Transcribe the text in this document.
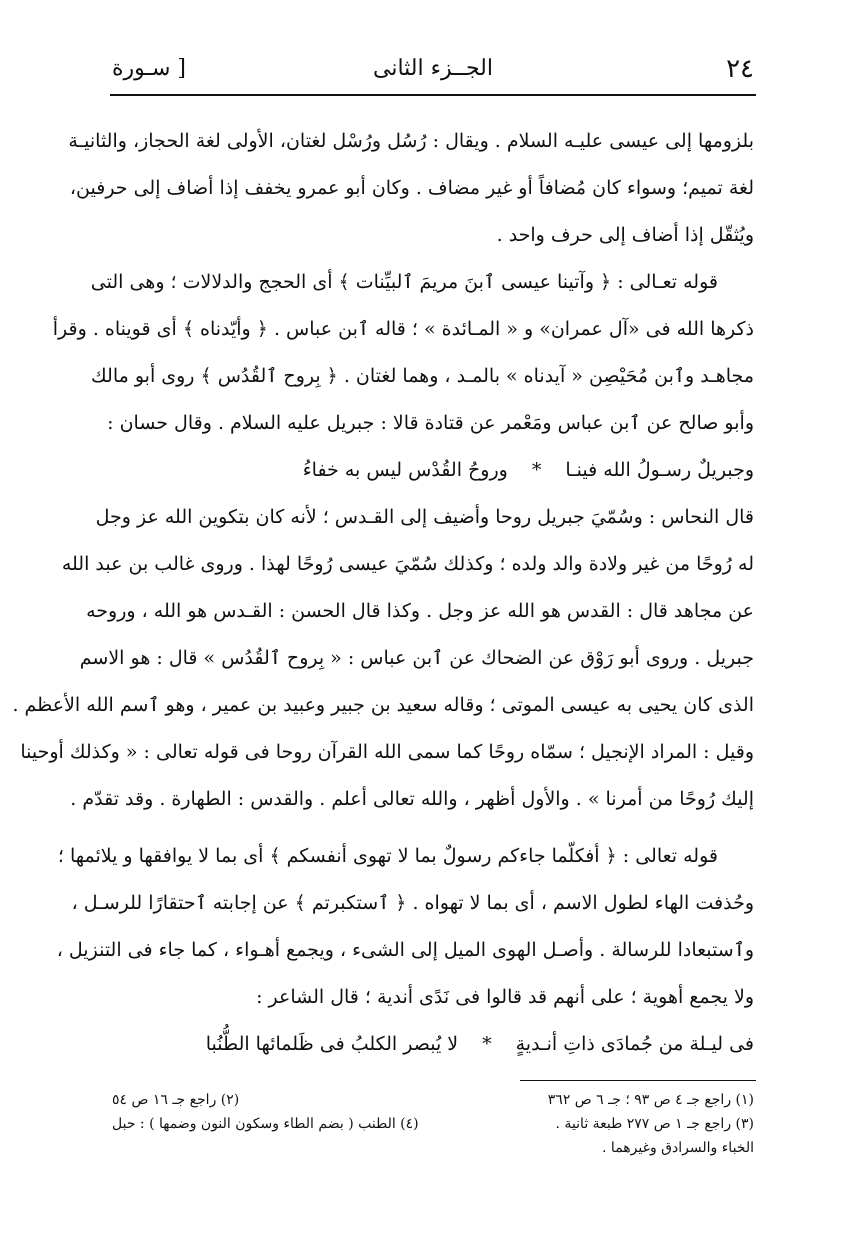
٢٤
الجــزء الثانى
[ سـورة
بلزومها إلى عيسى عليـه السلام . ويقال : رُسُل ورُسْل لغتان، الأولى لغة الحجاز، والثانيـة
لغة تميم؛ وسواء كان مُضافاً أو غير مضاف . وكان أبو عمرو يخفف إذا أضاف إلى حرفين،
ويُثقّل إذا أضاف إلى حرف واحد .
قوله تعـالى : ﴿ وآتينا عيسى ٱبنَ مريمَ ٱلبيِّنات ﴾ أى الحجج والدلالات ؛ وهى التى
ذكرها الله فى «آل عمران» و « المـائدة » ؛ قاله ٱبن عباس . ﴿ وأيّدناه ﴾ أى قويناه . وقرأ
مجاهـد وٱبن مُحَيْصِن « آيدناه » بالمـد ، وهما لغتان . ﴿ بِروح ٱلقُدُس ﴾ روى أبو مالك
وأبو صالح عن ٱبن عباس ومَعْمر عن قتادة قالا : جبريل عليه السلام . وقال حسان :
وجبريلٌ رسـولُ الله فينـا*وروحُ القُدْس ليس به خفاءُ
قال النحاس : وسُمّيَ جبريل روحا وأضيف إلى القـدس ؛ لأنه كان بتكوين الله عز وجل
له رُوحًا من غير ولادة والد ولده ؛ وكذلك سُمّيَ عيسى رُوحًا لهذا . وروى غالب بن عبد الله
عن مجاهد قال : القدس هو الله عز وجل . وكذا قال الحسن : القـدس هو الله ، وروحه
جبريل . وروى أبو رَوْق عن الضحاك عن ٱبن عباس : « بِروح ٱلقُدُس » قال : هو الاسم
الذى كان يحيى به عيسى الموتى ؛ وقاله سعيد بن جبير وعبيد بن عمير ، وهو ٱسم الله الأعظم .
وقيل : المراد الإنجيل ؛ سمّاه روحًا كما سمى الله القرآن روحا فى قوله تعالى : « وكذلك أوحينا
إليك رُوحًا من أمرنا » . والأول أظهر ، والله تعالى أعلم . والقدس : الطهارة . وقد تقدّم .
قوله تعالى : ﴿ أفكلّما جاءكم رسولٌ بما لا تهوى أنفسكم ﴾ أى بما لا يوافقها و يلائمها ؛
وحُذفت الهاء لطول الاسم ، أى بما لا تهواه . ﴿ ٱستكبرتم ﴾ عن إجابته ٱحتقارًا للرسـل ،
وٱستبعادا للرسالة . وأصـل الهوى الميل إلى الشىء ، ويجمع أهـواء ، كما جاء فى التنزيل ،
ولا يجمع أهوية ؛ على أنهم قد قالوا فى نَدًى أندية ؛ قال الشاعر :
فى ليـلة من جُمادَى ذاتِ أنـديةٍ*لا يُبصر الكلبُ فى ظَلمائها الطُّنُبا
(١) راجع جـ ٤ ص ٩٣ ؛ جـ ٦ ص ٣٦٢
(٢) راجع جـ ١٦ ص ٥٤
(٣) راجع جـ ١ ص ٢٧٧ طبعة ثانية .
(٤) الطنب ( بضم الطاء وسكون النون وضمها ) : حبل
الخباء والسرادق وغيرهما .
